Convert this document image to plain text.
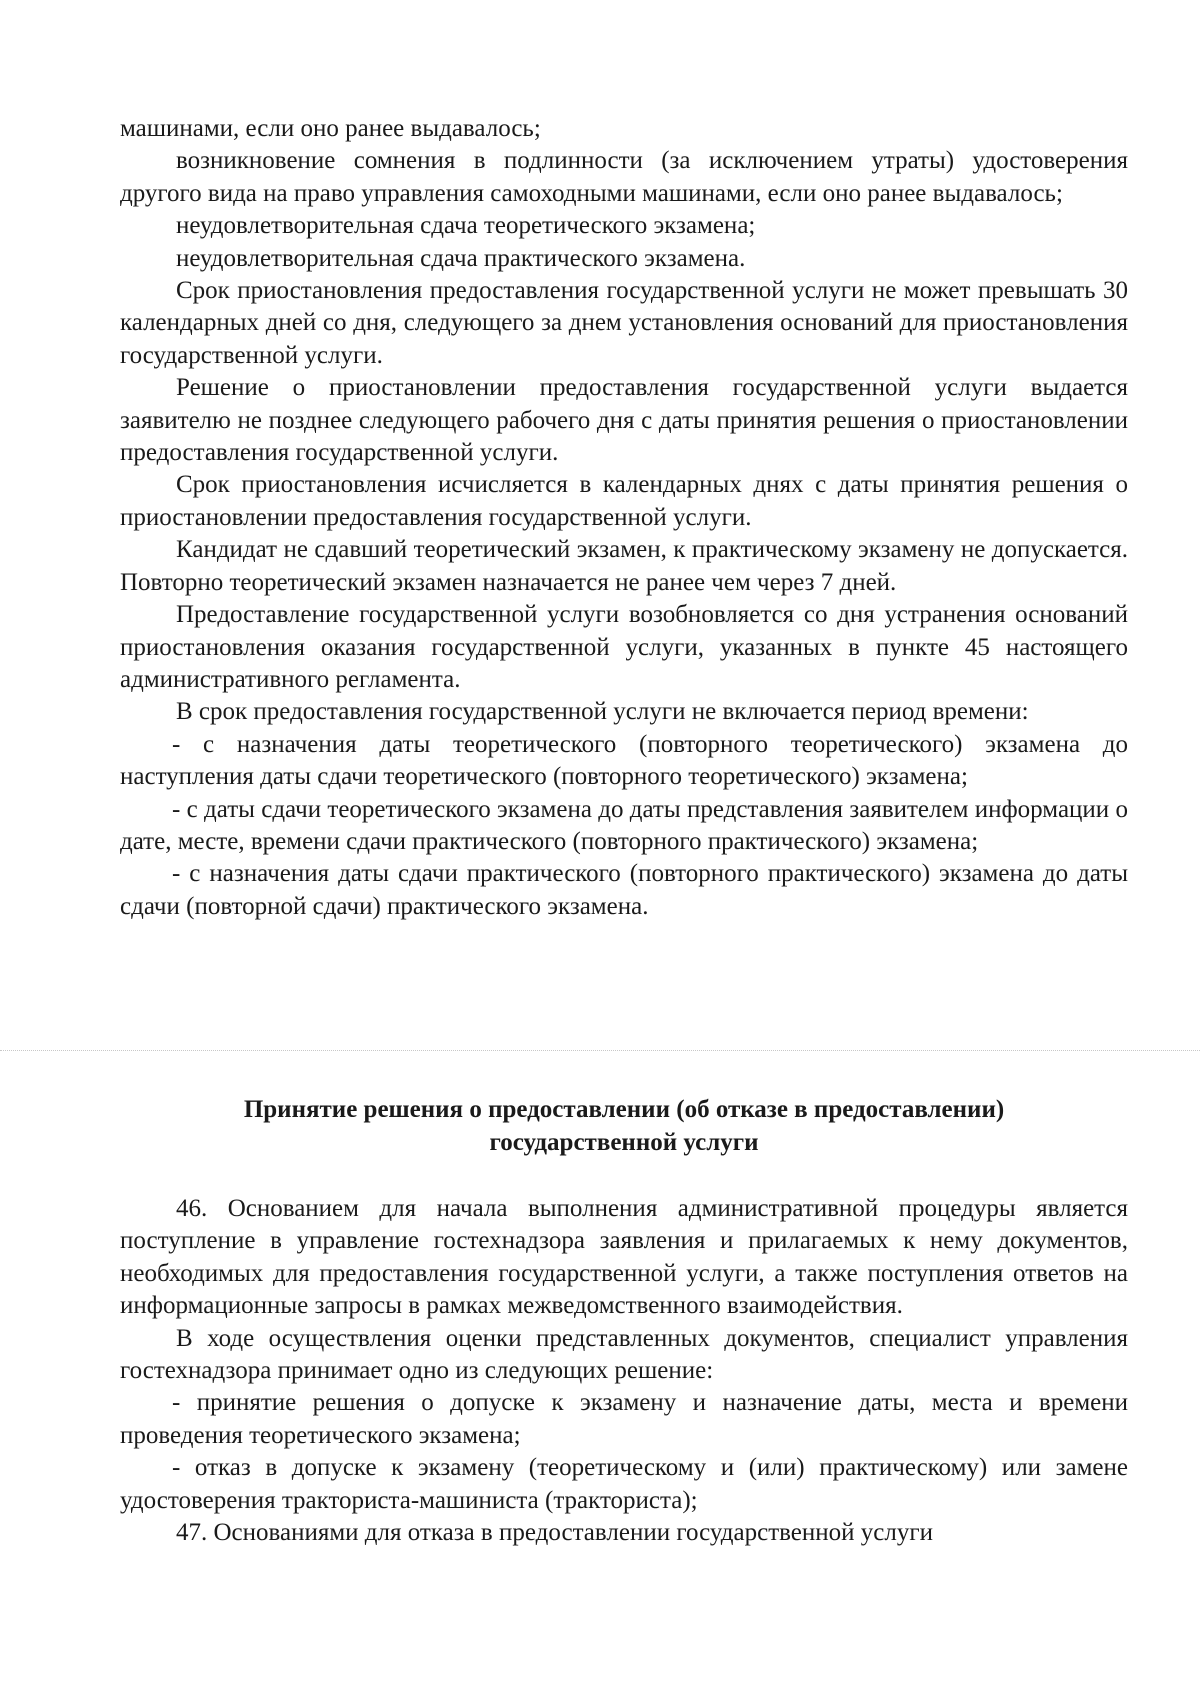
машинами, если оно ранее выдавалось;

возникновение сомнения в подлинности (за исключением утраты) удостоверения другого вида на право управления самоходными машинами, если оно ранее выдавалось;

неудовлетворительная сдача теоретического экзамена;

неудовлетворительная сдача практического экзамена.

Срок приостановления предоставления государственной услуги не может превышать 30 календарных дней со дня, следующего за днем установления оснований для приостановления государственной услуги.

Решение о приостановлении предоставления государственной услуги выдается заявителю не позднее следующего рабочего дня с даты принятия решения о приостановлении предоставления государственной услуги.

Срок приостановления исчисляется в календарных днях с даты принятия решения о приостановлении предоставления государственной услуги.

Кандидат не сдавший теоретический экзамен, к практическому экзамену не допускается. Повторно теоретический экзамен назначается не ранее чем через 7 дней.

Предоставление государственной услуги возобновляется со дня устранения оснований приостановления оказания государственной услуги, указанных в пункте 45 настоящего административного регламента.

В срок предоставления государственной услуги не включается период времени:

- с назначения даты теоретического (повторного теоретического) экзамена до наступления даты сдачи теоретического (повторного теоретического) экзамена;

- с даты сдачи теоретического экзамена до даты представления заявителем информации о дате, месте, времени сдачи практического (повторного практического) экзамена;

- с назначения даты сдачи практического (повторного практического) экзамена до даты сдачи (повторной сдачи) практического экзамена.

Принятие решения о предоставлении (об отказе в предоставлении)
государственной услуги

46. Основанием для начала выполнения административной процедуры является поступление в управление гостехнадзора заявления и прилагаемых к нему документов, необходимых для предоставления государственной услуги, а также поступления ответов на информационные запросы в рамках межведомственного взаимодействия.

В ходе осуществления оценки представленных документов, специалист управления гостехнадзора принимает одно из следующих решение:

- принятие решения о допуске к экзамену и назначение даты, места и времени проведения теоретического экзамена;

- отказ в допуске к экзамену (теоретическому и (или) практическому) или замене удостоверения тракториста-машиниста (тракториста);

47. Основаниями для отказа в предоставлении государственной услуги
